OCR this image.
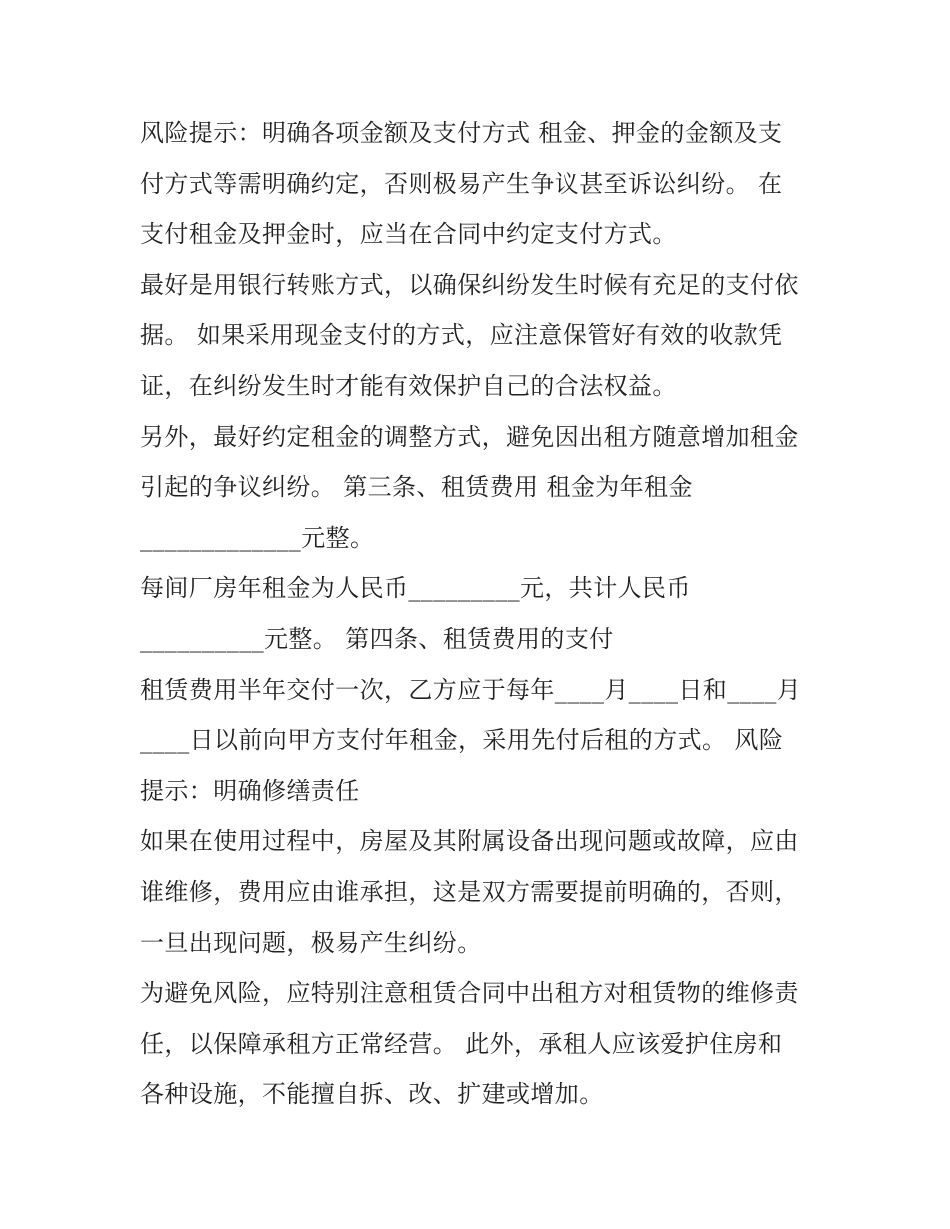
风险提示：明确各项金额及支付方式 租金、押金的金额及支
付方式等需明确约定，否则极易产生争议甚至诉讼纠纷。 在
支付租金及押金时，应当在合同中约定支付方式。
最好是用银行转账方式，以确保纠纷发生时候有充足的支付依
据。 如果采用现金支付的方式，应注意保管好有效的收款凭
证，在纠纷发生时才能有效保护自己的合法权益。
另外，最好约定租金的调整方式，避免因出租方随意增加租金
引起的争议纠纷。 第三条、租赁费用 租金为年租金
_____________元整。
每间厂房年租金为人民币_________元，共计人民币
__________元整。 第四条、租赁费用的支付
租赁费用半年交付一次，乙方应于每年____月____日和____月
____日以前向甲方支付年租金，采用先付后租的方式。 风险
提示：明确修缮责任
如果在使用过程中，房屋及其附属设备出现问题或故障，应由
谁维修，费用应由谁承担，这是双方需要提前明确的，否则，
一旦出现问题，极易产生纠纷。
为避免风险，应特别注意租赁合同中出租方对租赁物的维修责
任，以保障承租方正常经营。 此外，承租人应该爱护住房和
各种设施，不能擅自拆、改、扩建或增加。
